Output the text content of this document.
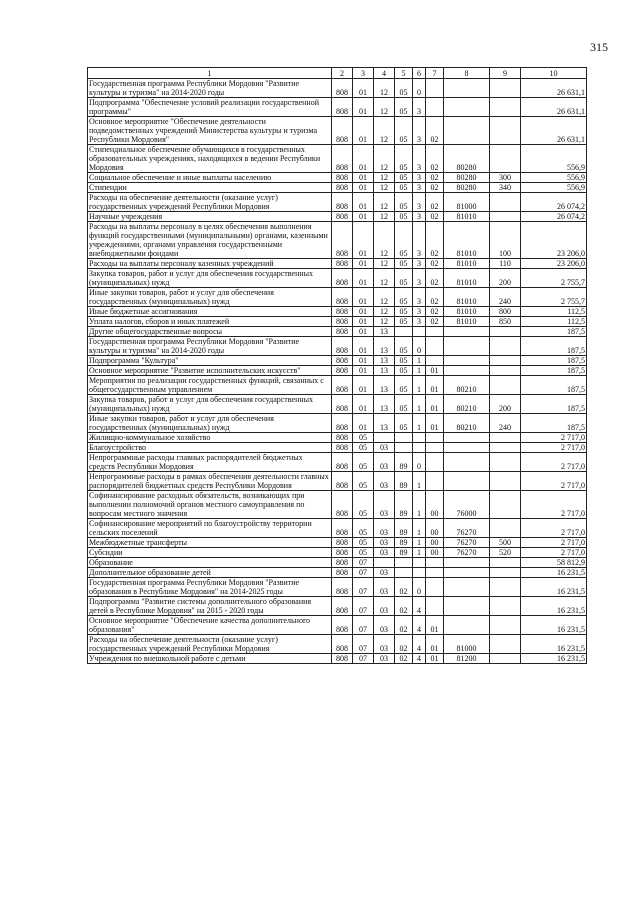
315
1	2	3	4	5	6	7	8	9	10
Государственная программа Республики Мордовия "Развитие культуры и туризма" на 2014-2020 годы	808	01	12	05	0				26 631,1
Подпрограмма "Обеспечение условий реализации государственной программы"	808	01	12	05	3				26 631,1
Основное мероприятие "Обеспечение деятельности подведомственных учреждений Министерства культуры и туризма Республики Мордовия"	808	01	12	05	3	02			26 631,1
Стипендиальное обеспечение обучающихся в государственных образовательных учреждениях, находящихся в ведении Республики Мордовия	808	01	12	05	3	02	80280		556,9
Социальное обеспечение и иные выплаты населению	808	01	12	05	3	02	80280	300	556,9
Стипендии	808	01	12	05	3	02	80280	340	556,9
Расходы на обеспечение деятельности (оказание услуг) государственных учреждений Республики Мордовия	808	01	12	05	3	02	81000		26 074,2
Научные учреждения	808	01	12	05	3	02	81010		26 074,2
Расходы на выплаты персоналу в целях обеспечения выполнения функций государственными (муниципальными) органами, казенными учреждениями, органами управления государственными внебюджетными фондами	808	01	12	05	3	02	81010	100	23 206,0
Расходы на выплаты персоналу казенных учреждений	808	01	12	05	3	02	81010	110	23 206,0
Закупка товаров, работ и услуг для обеспечения государственных (муниципальных) нужд	808	01	12	05	3	02	81010	200	2 755,7
Иные закупки товаров, работ и услуг для обеспечения государственных (муниципальных) нужд	808	01	12	05	3	02	81010	240	2 755,7
Иные бюджетные ассигнования	808	01	12	05	3	02	81010	800	112,5
Уплата налогов, сборов и иных платежей	808	01	12	05	3	02	81010	850	112,5
Другие общегосударственные вопросы	808	01	13						187,5
Государственная программа Республики Мордовия "Развитие культуры и туризма" на 2014-2020 годы	808	01	13	05	0				187,5
Подпрограмма "Культура"	808	01	13	05	1				187,5
Основное мероприятие "Развитие исполнительских искусств"	808	01	13	05	1	01			187,5
Мероприятия по реализации государственных функций, связанных с общегосударственным управлением	808	01	13	05	1	01	80210		187,5
Закупка товаров, работ и услуг для обеспечения государственных (муниципальных) нужд	808	01	13	05	1	01	80210	200	187,5
Иные закупки товаров, работ и услуг для обеспечения государственных (муниципальных) нужд	808	01	13	05	1	01	80210	240	187,5
Жилищно-коммунальное хозяйство	808	05							2 717,0
Благоустройство	808	05	03						2 717,0
Непрограммные расходы главных распорядителей бюджетных средств Республики Мордовия	808	05	03	89	0				2 717,0
Непрограммные расходы в рамках обеспечения деятельности главных распорядителей бюджетных средств Республики Мордовия	808	05	03	89	1				2 717,0
Софинансирование расходных обязательств, возникающих при выполнении полномочий органов местного самоуправления по вопросам местного значения	808	05	03	89	1	00	76000		2 717,0
Софинансирование мероприятий по благоустройству территории сельских поселений	808	05	03	89	1	00	76270		2 717,0
Межбюджетные трансферты	808	05	03	89	1	00	76270	500	2 717,0
Субсидии	808	05	03	89	1	00	76270	520	2 717,0
Образование	808	07							58 812,9
Дополнительное образование детей	808	07	03						16 231,5
Государственная программа Республики Мордовия "Развитие образования в Республике Мордовия" на 2014-2025 годы	808	07	03	02	0				16 231,5
Подпрограмма "Развитие системы дополнительного образования детей в Республике Мордовия" на 2015 - 2020 годы	808	07	03	02	4				16 231,5
Основное мероприятие "Обеспечение качества дополнительного образования"	808	07	03	02	4	01			16 231,5
Расходы на обеспечение деятельности (оказание услуг) государственных учреждений Республики Мордовия	808	07	03	02	4	01	81000		16 231,5
Учреждения по внешкольной работе с детьми	808	07	03	02	4	01	81200		16 231,5
